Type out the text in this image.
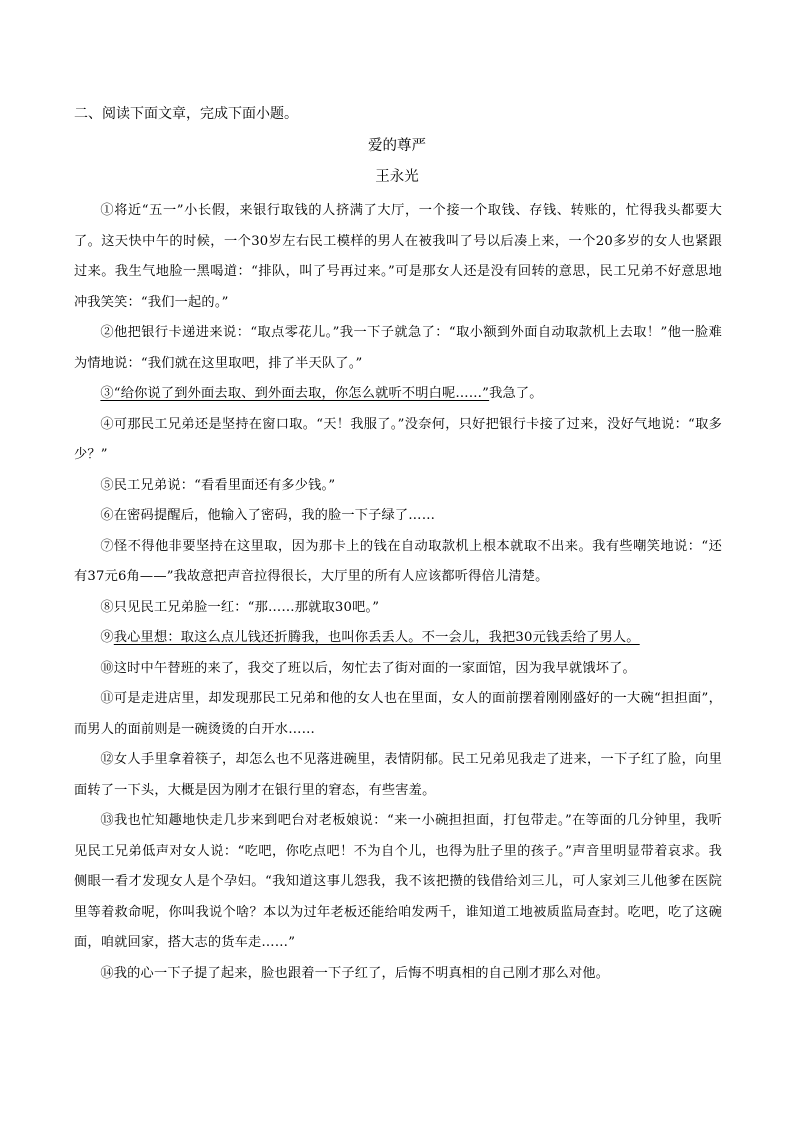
二、阅读下面文章，完成下面小题。
爱的尊严
王永光

①将近“五一”小长假，来银行取钱的人挤满了大厅，一个接一个取钱、存钱、转账的，忙得我头都要大了。这天快中午的时候，一个30岁左右民工模样的男人在被我叫了号以后凑上来，一个20多岁的女人也紧跟过来。我生气地脸一黑喝道：“排队，叫了号再过来。”可是那女人还是没有回转的意思，民工兄弟不好意思地冲我笑笑：“我们一起的。”

②他把银行卡递进来说：“取点零花儿。”我一下子就急了：“取小额到外面自动取款机上去取！”他一脸难为情地说：“我们就在这里取吧，排了半天队了。”

③“给你说了到外面去取、到外面去取，你怎么就听不明白呢……”我急了。

④可那民工兄弟还是坚持在窗口取。“天！我服了。”没奈何，只好把银行卡接了过来，没好气地说：“取多少？”

⑤民工兄弟说：“看看里面还有多少钱。”

⑥在密码提醒后，他输入了密码，我的脸一下子绿了……

⑦怪不得他非要坚持在这里取，因为那卡上的钱在自动取款机上根本就取不出来。我有些嘲笑地说：“还有37元6角——”我故意把声音拉得很长，大厅里的所有人应该都听得倍儿清楚。

⑧只见民工兄弟脸一红：“那……那就取30吧。”

⑨我心里想：取这么点儿钱还折腾我，也叫你丢丢人。不一会儿，我把30元钱丢给了男人。

⑩这时中午替班的来了，我交了班以后，匆忙去了街对面的一家面馆，因为我早就饿坏了。

⑪可是走进店里，却发现那民工兄弟和他的女人也在里面，女人的面前摆着刚刚盛好的一大碗“担担面”，而男人的面前则是一碗烫烫的白开水……

⑫女人手里拿着筷子，却怎么也不见落进碗里，表情阴郁。民工兄弟见我走了进来，一下子红了脸，向里面转了一下头，大概是因为刚才在银行里的窘态，有些害羞。

⑬我也忙知趣地快走几步来到吧台对老板娘说：“来一小碗担担面，打包带走。”在等面的几分钟里，我听见民工兄弟低声对女人说：“吃吧，你吃点吧！不为自个儿，也得为肚子里的孩子。”声音里明显带着哀求。我侧眼一看才发现女人是个孕妇。“我知道这事儿怨我，我不该把攒的钱借给刘三儿，可人家刘三儿他爹在医院里等着救命呢，你叫我说个啥？本以为过年老板还能给咱发两千，谁知道工地被质监局查封。吃吧，吃了这碗面，咱就回家，搭大志的货车走……”

⑭我的心一下子提了起来，脸也跟着一下子红了，后悔不明真相的自己刚才那么对他。
